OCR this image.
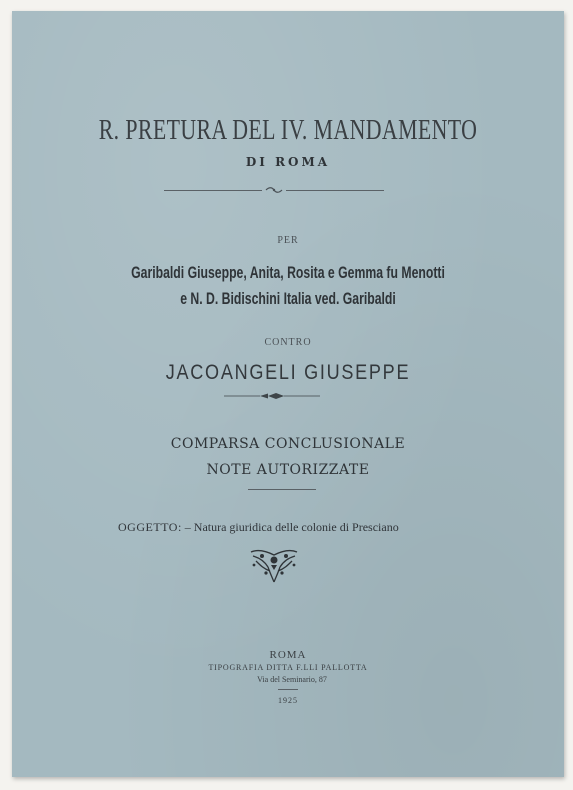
R. PRETURA DEL IV. MANDAMENTO
DI ROMA
PER
Garibaldi Giuseppe, Anita, Rosita e Gemma fu Menotti
e N. D. Bidischini Italia ved. Garibaldi
CONTRO
JACOANGELI GIUSEPPE
COMPARSA CONCLUSIONALE
NOTE AUTORIZZATE
OGGETTO: – Natura giuridica delle colonie di Presciano
ROMA
TIPOGRAFIA DITTA F.LLI PALLOTTA
Via del Seminario, 87
1925
